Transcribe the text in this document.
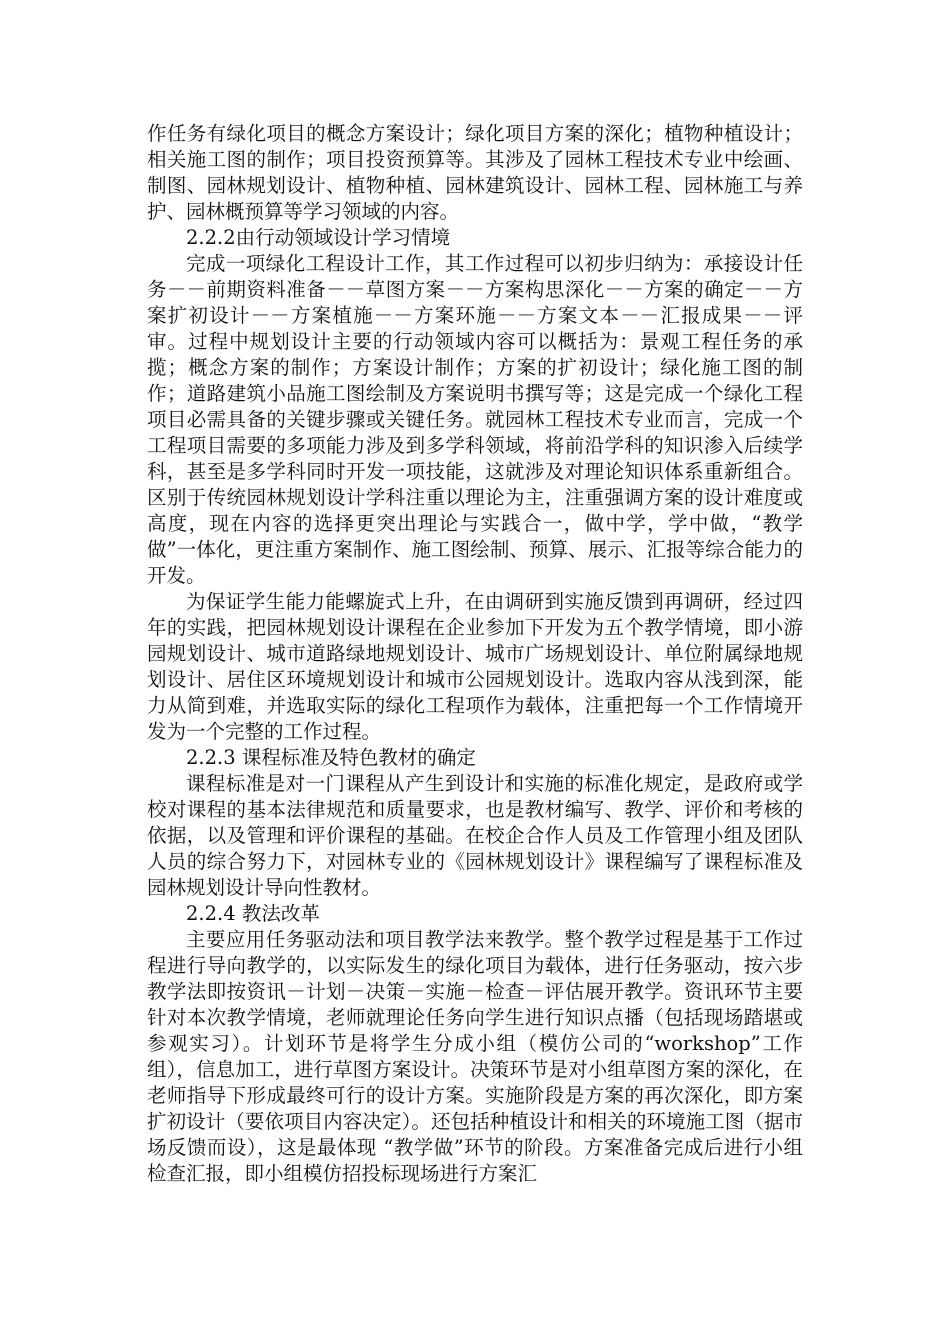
作任务有绿化项目的概念方案设计；绿化项目方案的深化；植物种植设计；相关施工图的制作；项目投资预算等。其涉及了园林工程技术专业中绘画、制图、园林规划设计、植物种植、园林建筑设计、园林工程、园林施工与养护、园林概预算等学习领域的内容。

2.2.2由行动领域设计学习情境

完成一项绿化工程设计工作，其工作过程可以初步归纳为：承接设计任务－－前期资料准备－－草图方案－－方案构思深化－－方案的确定－－方案扩初设计－－方案植施－－方案环施－－方案文本－－汇报成果－－评审。过程中规划设计主要的行动领域内容可以概括为：景观工程任务的承揽；概念方案的制作；方案设计制作；方案的扩初设计；绿化施工图的制作；道路建筑小品施工图绘制及方案说明书撰写等；这是完成一个绿化工程项目必需具备的关键步骤或关键任务。就园林工程技术专业而言，完成一个工程项目需要的多项能力涉及到多学科领域，将前沿学科的知识渗入后续学科，甚至是多学科同时开发一项技能，这就涉及对理论知识体系重新组合。区别于传统园林规划设计学科注重以理论为主，注重强调方案的设计难度或高度，现在内容的选择更突出理论与实践合一，做中学，学中做，“教学做”一体化，更注重方案制作、施工图绘制、预算、展示、汇报等综合能力的开发。

为保证学生能力能螺旋式上升，在由调研到实施反馈到再调研，经过四年的实践，把园林规划设计课程在企业参加下开发为五个教学情境，即小游园规划设计、城市道路绿地规划设计、城市广场规划设计、单位附属绿地规划设计、居住区环境规划设计和城市公园规划设计。选取内容从浅到深，能力从简到难，并选取实际的绿化工程项作为载体，注重把每一个工作情境开发为一个完整的工作过程。

2.2.3 课程标准及特色教材的确定

课程标准是对一门课程从产生到设计和实施的标准化规定，是政府或学校对课程的基本法律规范和质量要求，也是教材编写、教学、评价和考核的依据，以及管理和评价课程的基础。在校企合作人员及工作管理小组及团队人员的综合努力下，对园林专业的《园林规划设计》课程编写了课程标准及园林规划设计导向性教材。

2.2.4 教法改革

主要应用任务驱动法和项目教学法来教学。整个教学过程是基于工作过程进行导向教学的，以实际发生的绿化项目为载体，进行任务驱动，按六步教学法即按资讯－计划－决策－实施－检查－评估展开教学。资讯环节主要针对本次教学情境，老师就理论任务向学生进行知识点播（包括现场踏堪或参观实习）。计划环节是将学生分成小组（模仿公司的“workshop”工作组），信息加工，进行草图方案设计。决策环节是对小组草图方案的深化，在老师指导下形成最终可行的设计方案。实施阶段是方案的再次深化，即方案扩初设计（要依项目内容决定）。还包括种植设计和相关的环境施工图（据市场反馈而设），这是最体现 “教学做”环节的阶段。方案准备完成后进行小组检查汇报，即小组模仿招投标现场进行方案汇
